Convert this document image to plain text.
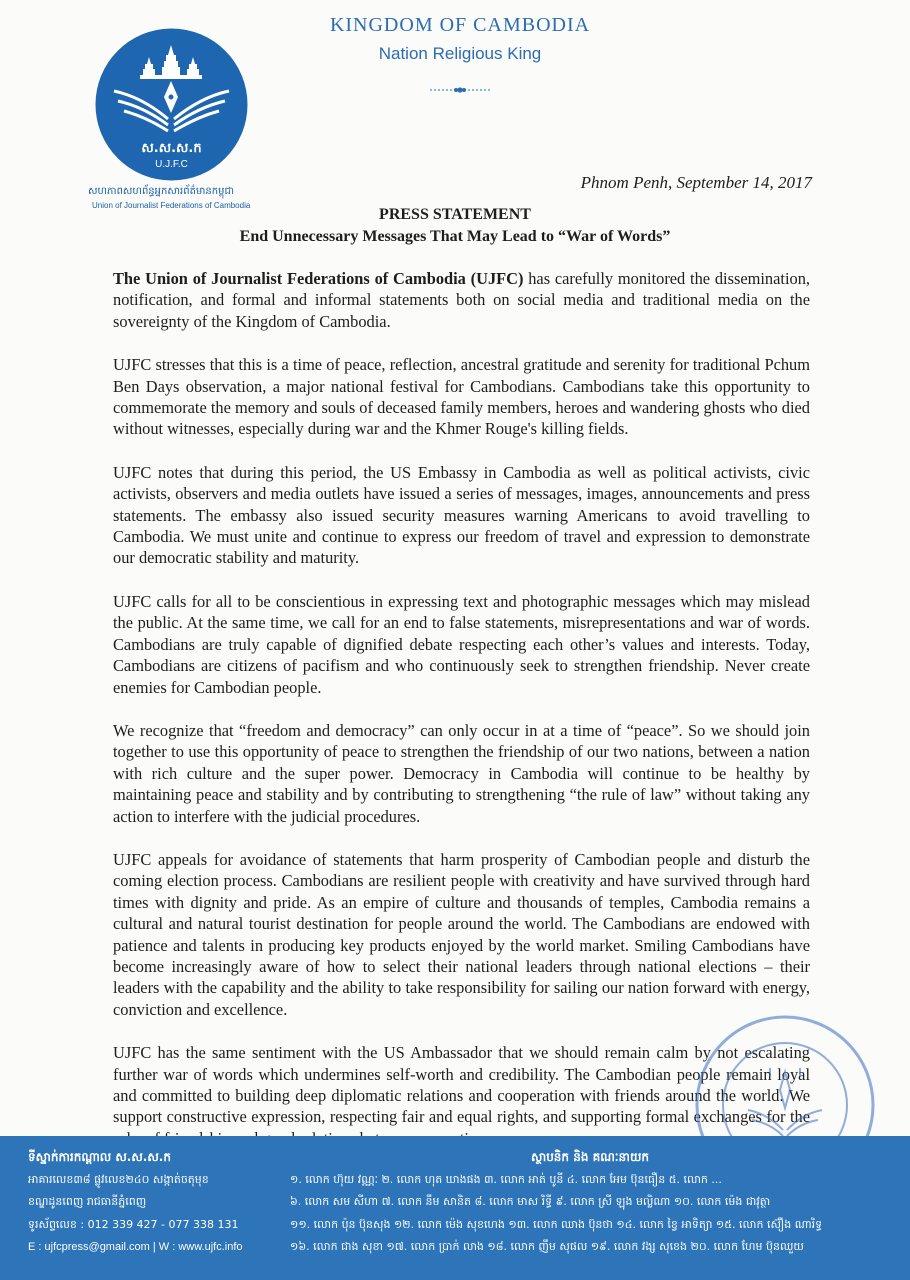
ស.ស.ស.ក
U.J.F.C
សហភាពសហព័ន្ធអ្នកសារព័ត៌មានកម្ពុជា
Union of Journalist Federations of Cambodia
KINGDOM OF CAMBODIA
Nation Religious King
Phnom Penh, September 14, 2017
PRESS STATEMENT
End Unnecessary Messages That May Lead to “War of Words”

The Union of Journalist Federations of Cambodia (UJFC) has carefully monitored the dissemination, notification, and formal and informal statements both on social media and traditional media on the sovereignty of the Kingdom of Cambodia.

UJFC stresses that this is a time of peace, reflection, ancestral gratitude and serenity for traditional Pchum Ben Days observation, a major national festival for Cambodians. Cambodians take this opportunity to commemorate the memory and souls of deceased family members, heroes and wandering ghosts who died without witnesses, especially during war and the Khmer Rouge's killing fields.

UJFC notes that during this period, the US Embassy in Cambodia as well as political activists, civic activists, observers and media outlets have issued a series of messages, images, announcements and press statements. The embassy also issued security measures warning Americans to avoid travelling to Cambodia. We must unite and continue to express our freedom of travel and expression to demonstrate our democratic stability and maturity.

UJFC calls for all to be conscientious in expressing text and photographic messages which may mislead the public. At the same time, we call for an end to false statements, misrepresentations and war of words. Cambodians are truly capable of dignified debate respecting each other’s values and interests. Today, Cambodians are citizens of pacifism and who continuously seek to strengthen friendship. Never create enemies for Cambodian people.

We recognize that “freedom and democracy” can only occur in at a time of “peace”. So we should join together to use this opportunity of peace to strengthen the friendship of our two nations, between a nation with rich culture and the super power. Democracy in Cambodia will continue to be healthy by maintaining peace and stability and by contributing to strengthening “the rule of law” without taking any action to interfere with the judicial procedures.

UJFC appeals for avoidance of statements that harm prosperity of Cambodian people and disturb the coming election process. Cambodians are resilient people with creativity and have survived through hard times with dignity and pride. As an empire of culture and thousands of temples, Cambodia remains a cultural and natural tourist destination for people around the world. The Cambodians are endowed with patience and talents in producing key products enjoyed by the world market. Smiling Cambodians have become increasingly aware of how to select their national leaders through national elections – their leaders with the capability and the ability to take responsibility for sailing our nation forward with energy, conviction and excellence.

UJFC has the same sentiment with the US Ambassador that we should remain calm by not escalating further war of words which undermines self-worth and credibility. The Cambodian people remain loyal and committed to building deep diplomatic relations and cooperation with friends around the world. We support constructive expression, respecting fair and equal rights, and supporting formal exchanges for the

ទីស្នាក់ការកណ្តាល ស.ស.ស.ក
អាគារលេខ៣៨ ផ្លូវលេខ២៤០ សង្កាត់ចតុមុខ
ខណ្ឌដូនពេញ រាជធានីភ្នំពេញ
ទូរស័ព្ទលេខ : 012 339 427 - 077 338 131
E : ujfcpress@gmail.com | W : www.ujfc.info
ស្ថាបនិក និង គណៈនាយក
១. លោក ហ៊ុយ វណ្ណៈ ២. លោក ហុត ឃាងផង ៣. លោក អាត់ បូនី ៤. លោក អែម ប៊ុនធឿន ៥. លោក ...
៦. លោក សម សីហា ៧. លោក នឹម សានិត ៨. លោក មាស រិទ្ធី ៩. លោក ស្រី ឡុង មល្លិណា ១០. លោក ម៉េង ជាវុត្ថា
១១. លោក ប៉ុន ប៊ុនសុង ១២. លោក ម៉េង សុខហេង ១៣. លោក ឈាង ប៊ុនថា ១៤. លោក ខ្វៃ អាទិត្យា ១៥. លោក ស៊ឿង ណារិទ្ធ
១៦. លោក ជាង សុខា ១៧. លោក ប្រាក់ លាង ១៨. លោក ញឹម សុផល ១៩. លោក វង្ស សុខេង ២០. លោក ហែម ប៊ុនឈួយ
